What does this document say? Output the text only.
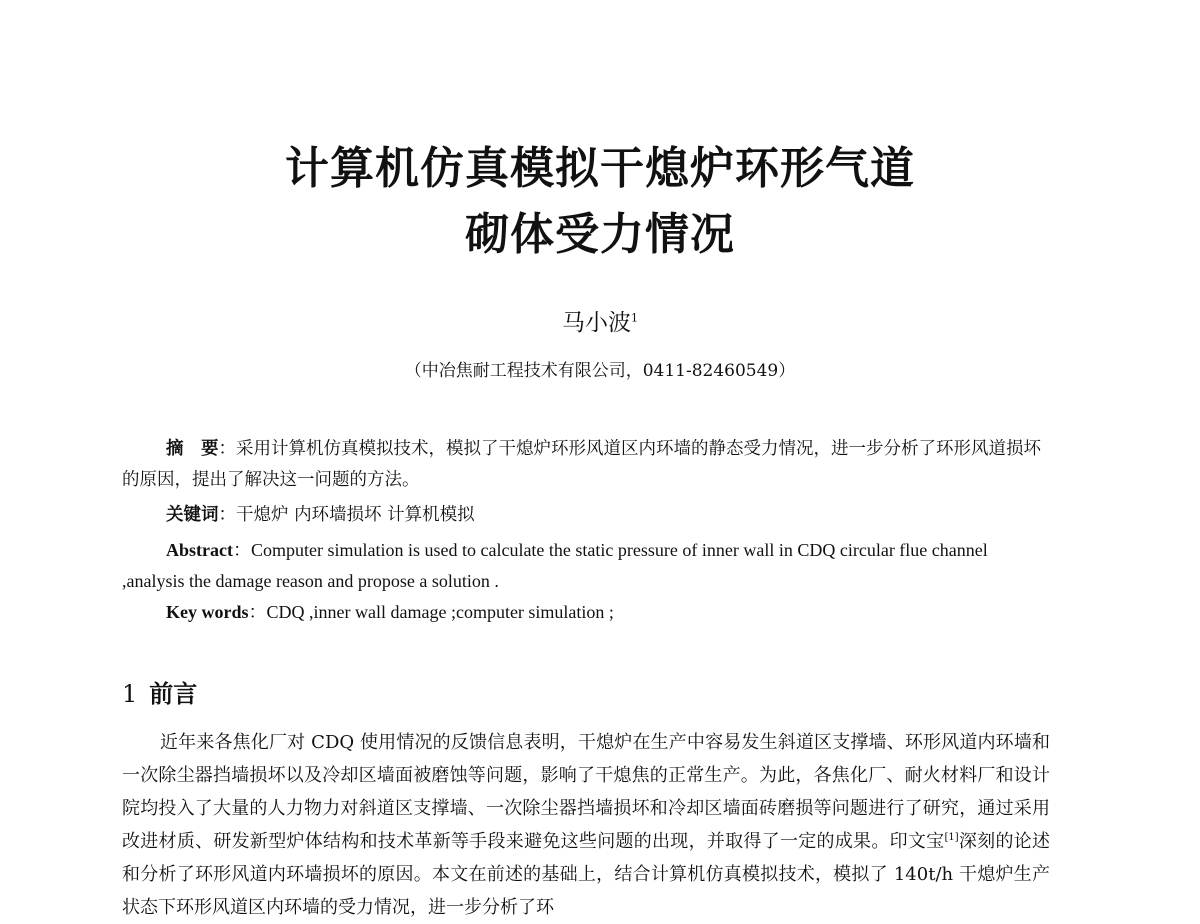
计算机仿真模拟干熄炉环形气道
砌体受力情况
马小波$^1$
（中冶焦耐工程技术有限公司，0411-82460549）

摘　要：采用计算机仿真模拟技术，模拟了干熄炉环形风道区内环墙的静态受力情况，进一步分析了环形风道损坏的原因，提出了解决这一问题的方法。

关键词：干熄炉 内环墙损坏 计算机模拟

Abstract：Computer simulation is used to calculate the static pressure of inner wall in CDQ circular flue channel ,analysis the damage reason and propose a solution .

Key words：CDQ ,inner wall damage ;computer simulation ;

1 前言

近年来各焦化厂对 CDQ 使用情况的反馈信息表明，干熄炉在生产中容易发生斜道区支撑墙、环形风道内环墙和一次除尘器挡墙损坏以及冷却区墙面被磨蚀等问题，影响了干熄焦的正常生产。为此，各焦化厂、耐火材料厂和设计院均投入了大量的人力物力对斜道区支撑墙、一次除尘器挡墙损坏和冷却区墙面砖磨损等问题进行了研究，通过采用改进材质、研发新型炉体结构和技术革新等手段来避免这些问题的出现，并取得了一定的成果。印文宝[1]深刻的论述和分析了环形风道内环墙损坏的原因。本文在前述的基础上，结合计算机仿真模拟技术，模拟了 140t/h 干熄炉生产状态下环形风道区内环墙的受力情况，进一步分析了环
